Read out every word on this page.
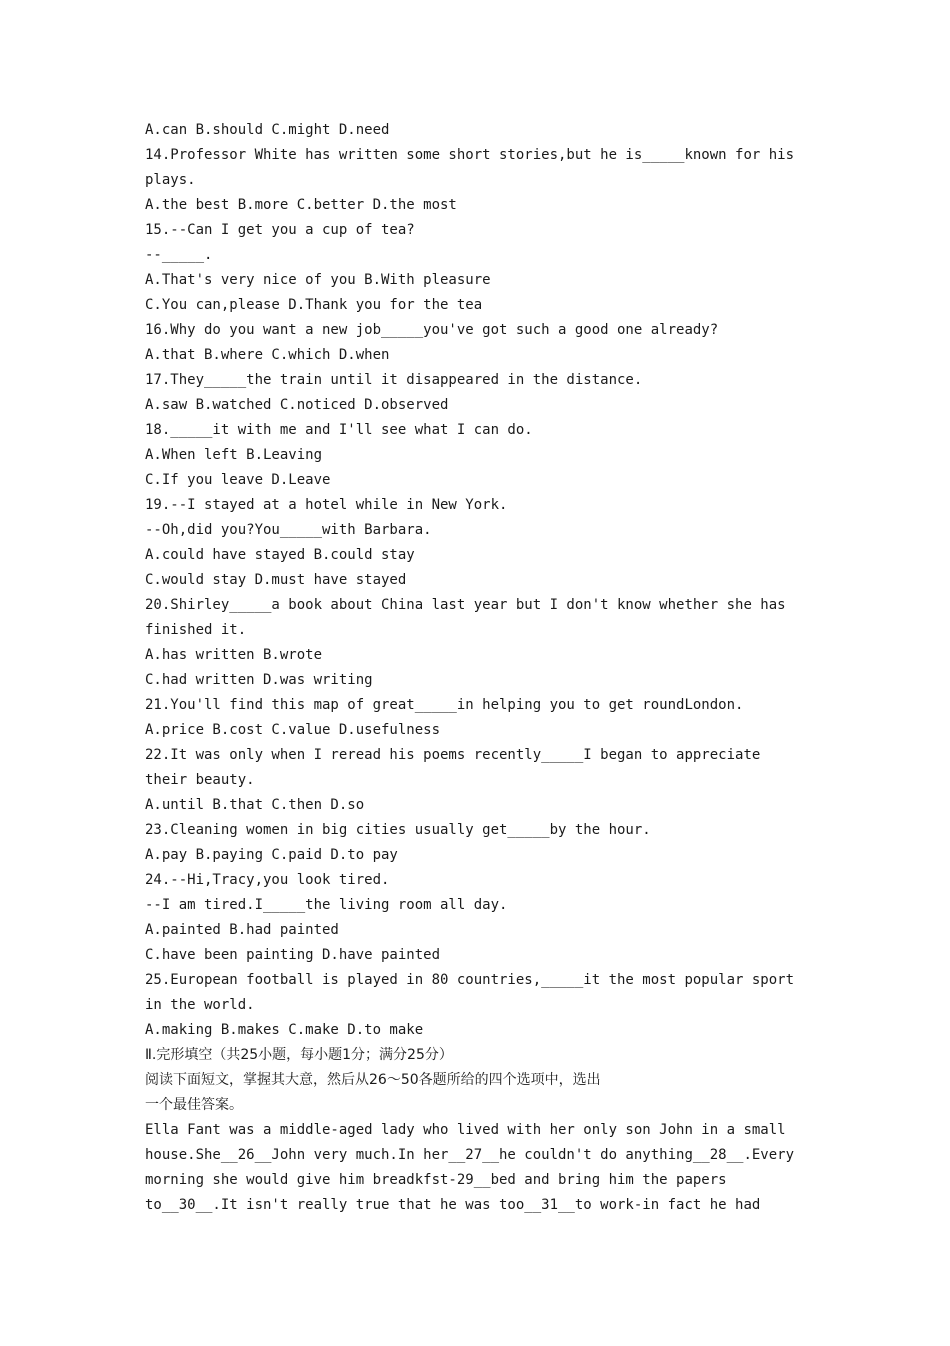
A.can B.should C.might D.need
14.Professor White has written some short stories,but he is_____known for his
plays.
A.the best B.more C.better D.the most
15.--Can I get you a cup of tea?
--_____.
A.That's very nice of you B.With pleasure
C.You can,please D.Thank you for the tea
16.Why do you want a new job_____you've got such a good one already?
A.that B.where C.which D.when
17.They_____the train until it disappeared in the distance.
A.saw B.watched C.noticed D.observed
18._____it with me and I'll see what I can do.
A.When left B.Leaving
C.If you leave D.Leave
19.--I stayed at a hotel while in New York.
--Oh,did you?You_____with Barbara.
A.could have stayed B.could stay
C.would stay D.must have stayed
20.Shirley_____a book about China last year but I don't know whether she has
finished it.
A.has written B.wrote
C.had written D.was writing
21.You'll find this map of great_____in helping you to get roundLondon.
A.price B.cost C.value D.usefulness
22.It was only when I reread his poems recently_____I began to appreciate
their beauty.
A.until B.that C.then D.so
23.Cleaning women in big cities usually get_____by the hour.
A.pay B.paying C.paid D.to pay
24.--Hi,Tracy,you look tired.
--I am tired.I_____the living room all day.
A.painted B.had painted
C.have been painting D.have painted
25.European football is played in 80 countries,_____it the most popular sport
in the world.
A.making B.makes C.make D.to make
Ⅱ.完形填空（共25小题，每小题1分；满分25分）
阅读下面短文，掌握其大意，然后从26～50各题所给的四个选项中，选出
一个最佳答案。
Ella Fant was a middle-aged lady who lived with her only son John in a small
house.She__26__John very much.In her__27__he couldn't do anything__28__.Every
morning she would give him breadkfst-29__bed and bring him the papers
to__30__.It isn't really true that he was too__31__to work-in fact he had
